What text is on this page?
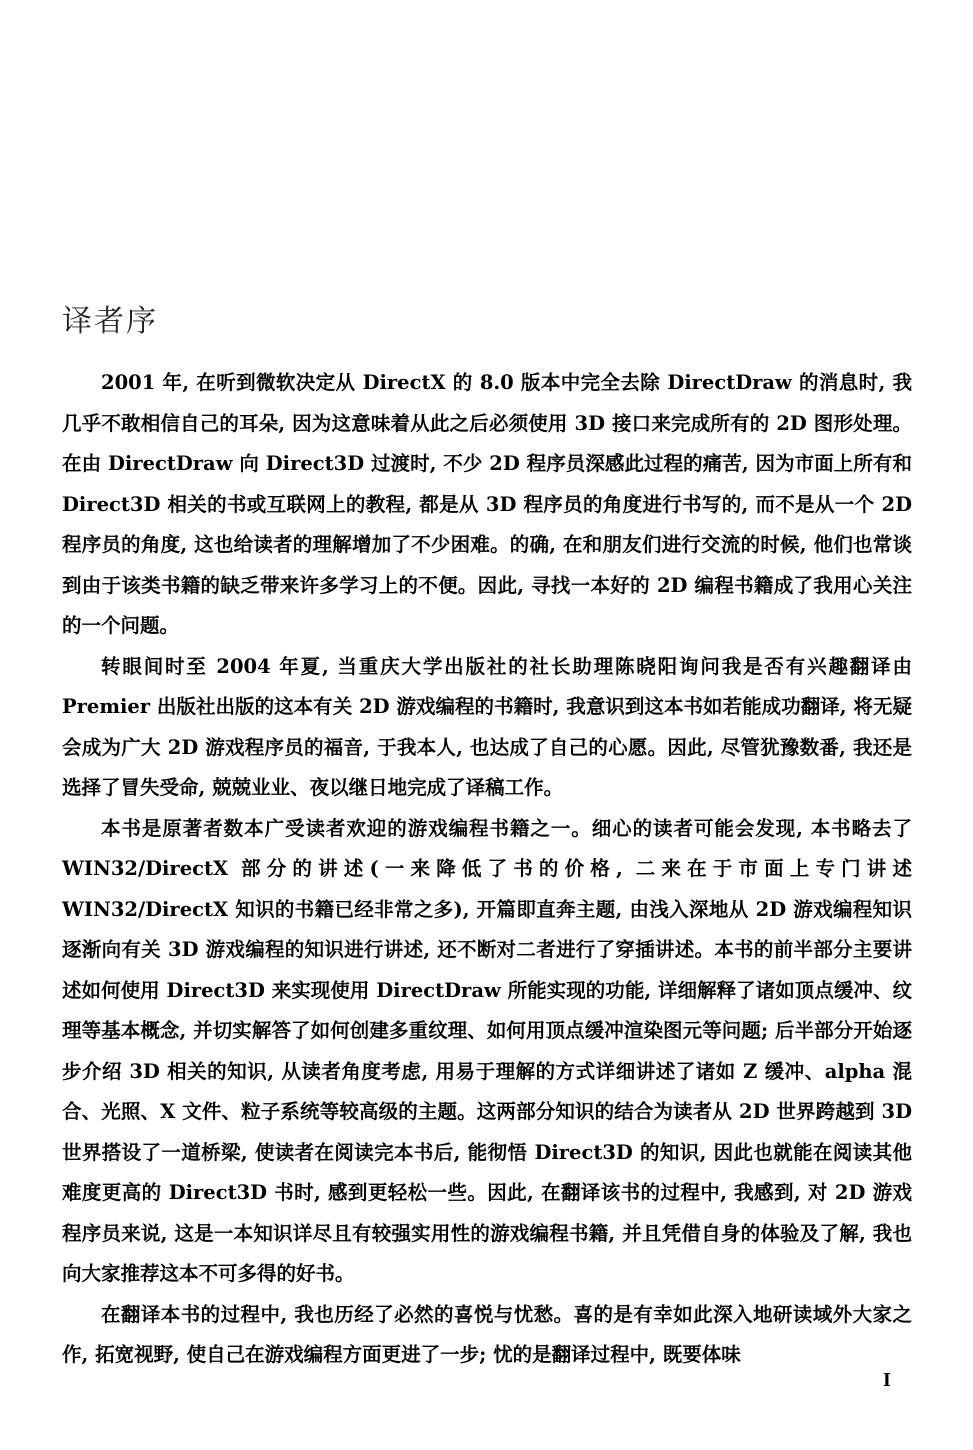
译者序

2001 年, 在听到微软决定从 DirectX 的 8.0 版本中完全去除 DirectDraw 的消息时, 我几乎不敢相信自己的耳朵, 因为这意味着从此之后必须使用 3D 接口来完成所有的 2D 图形处理。在由 DirectDraw 向 Direct3D 过渡时, 不少 2D 程序员深感此过程的痛苦, 因为市面上所有和 Direct3D 相关的书或互联网上的教程, 都是从 3D 程序员的角度进行书写的, 而不是从一个 2D 程序员的角度, 这也给读者的理解增加了不少困难。的确, 在和朋友们进行交流的时候, 他们也常谈到由于该类书籍的缺乏带来许多学习上的不便。因此, 寻找一本好的 2D 编程书籍成了我用心关注的一个问题。

转眼间时至 2004 年夏, 当重庆大学出版社的社长助理陈晓阳询问我是否有兴趣翻译由 Premier 出版社出版的这本有关 2D 游戏编程的书籍时, 我意识到这本书如若能成功翻译, 将无疑会成为广大 2D 游戏程序员的福音, 于我本人, 也达成了自己的心愿。因此, 尽管犹豫数番, 我还是选择了冒失受命, 兢兢业业、夜以继日地完成了译稿工作。

本书是原著者数本广受读者欢迎的游戏编程书籍之一。细心的读者可能会发现, 本书略去了 WIN32/DirectX 部分的讲述(一来降低了书的价格, 二来在于市面上专门讲述 WIN32/DirectX 知识的书籍已经非常之多), 开篇即直奔主题, 由浅入深地从 2D 游戏编程知识逐渐向有关 3D 游戏编程的知识进行讲述, 还不断对二者进行了穿插讲述。本书的前半部分主要讲述如何使用 Direct3D 来实现使用 DirectDraw 所能实现的功能, 详细解释了诸如顶点缓冲、纹理等基本概念, 并切实解答了如何创建多重纹理、如何用顶点缓冲渲染图元等问题; 后半部分开始逐步介绍 3D 相关的知识, 从读者角度考虑, 用易于理解的方式详细讲述了诸如 Z 缓冲、alpha 混合、光照、X 文件、粒子系统等较高级的主题。这两部分知识的结合为读者从 2D 世界跨越到 3D 世界搭设了一道桥梁, 使读者在阅读完本书后, 能彻悟 Direct3D 的知识, 因此也就能在阅读其他难度更高的 Direct3D 书时, 感到更轻松一些。因此, 在翻译该书的过程中, 我感到, 对 2D 游戏程序员来说, 这是一本知识详尽且有较强实用性的游戏编程书籍, 并且凭借自身的体验及了解, 我也向大家推荐这本不可多得的好书。

在翻译本书的过程中, 我也历经了必然的喜悦与忧愁。喜的是有幸如此深入地研读域外大家之作, 拓宽视野, 使自己在游戏编程方面更进了一步; 忧的是翻译过程中, 既要体味

I
